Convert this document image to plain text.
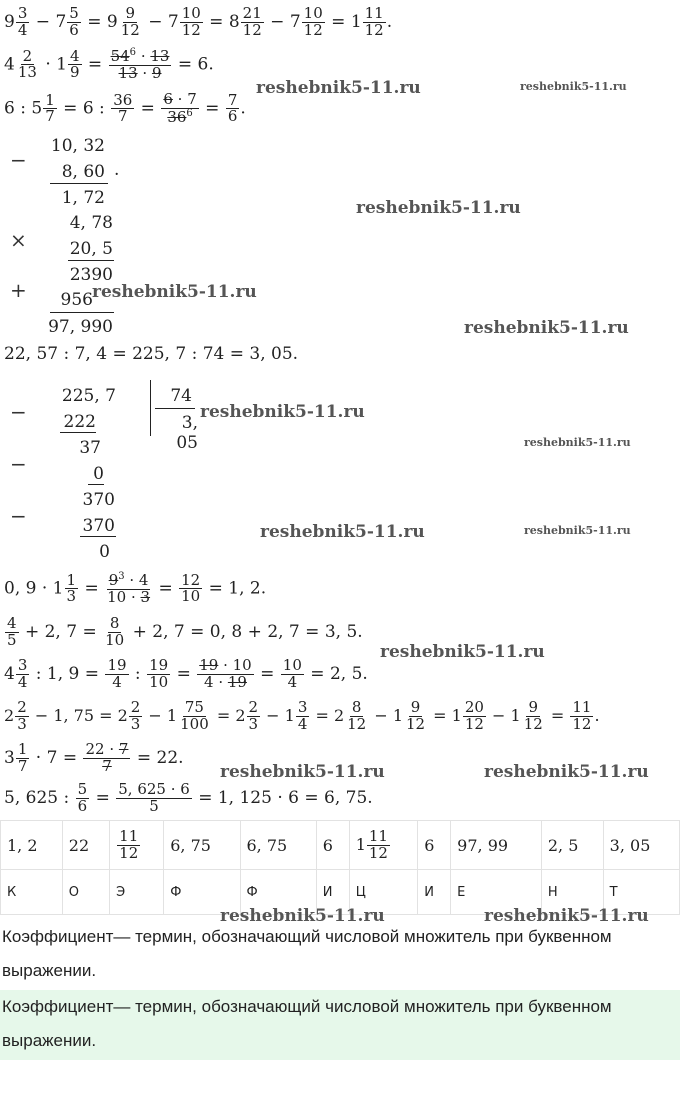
$9 \frac{3}{4} - 7 \frac{5}{6} = 9 \frac{9}{12} - 7 \frac{10}{12} = 8 \frac{21}{12} - 7 \frac{10}{12} = 1 \frac{11}{12}$ .
$4 \frac{2}{13} \cdot 1 \frac{4}{9} = \frac{54^6 \cdot 13}{13 \cdot 9} = 6$.
6 : $5 \frac{1}{7} = 6$ : $\frac{36}{7} = \frac{6 \cdot 7}{36^6} = \frac{7}{6}$ .
−
10, 32
8, 60
1, 72
.
×
4, 78
20, 5
2390
+	956
97, 990
22, 57 : 7, 4 = 225, 7 : 74 = 3, 05.
−
225, 7
222
37
74
3, 05
−	0
370
−	370
0
0, $9 \cdot 1 \frac{1}{3} = \frac{9^3 \cdot 4}{10 \cdot 3} = \frac{12}{10} = 1$, 2.
$\frac{4}{5} + 2$, $7 = \frac{8}{10} + 2$, 7 = 0, 8 + 2, 7 = 3, 5.
$4 \frac{3}{4}$ : 1, $9 = \frac{19}{4}$ : $\frac{19}{10} = \frac{19 \cdot 10}{4 \cdot 19} = \frac{10}{4} = 2$, 5.
$2 \frac{2}{3} - 1$, $75 = 2 \frac{2}{3} - 1 \frac{75}{100} = 2 \frac{2}{3} - 1 \frac{3}{4} = 2 \frac{8}{12} - 1 \frac{9}{12} = 1 \frac{20}{12} - 1 \frac{9}{12} = \frac{11}{12}$ .
$3 \frac{1}{7} \cdot 7 = \frac{22 \cdot 7}{7} = 22$.
5, 625 : $\frac{5}{6} = \frac{5, 625 \cdot 6}{5} = 1$, 125 · 6 = 6, 75.
1, 2	22	$\frac{11}{12}$	6, 75	6, 75	6	$1 \frac{11}{12}$	6	97, 99	2, 5	3, 05
К	О	Э	Ф	Ф	И	Ц	И	Е	Н	Т
Коэффициент— термин, обозначающий числовой множитель при буквенном выражении.
Коэффициент— термин, обозначающий числовой множитель при буквенном выражении.
reshebnik5-11.ru	reshebnik5-11.ru
reshebnik5-11.ru
reshebnik5-11.ru
reshebnik5-11.ru
reshebnik5-11.ru
reshebnik5-11.ru
reshebnik5-11.ru	reshebnik5-11.ru
reshebnik5-11.ru
reshebnik5-11.ru	reshebnik5-11.ru
reshebnik5-11.ru	reshebnik5-11.ru
